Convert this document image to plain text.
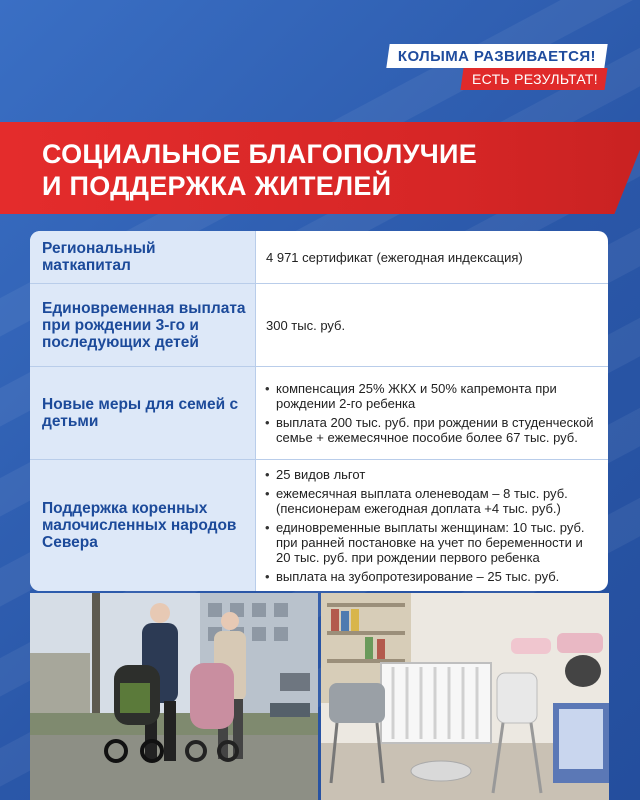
КОЛЫМА РАЗВИВАЕТСЯ!
ЕСТЬ РЕЗУЛЬТАТ!
СОЦИАЛЬНОЕ БЛАГОПОЛУЧИЕ
И ПОДДЕРЖКА ЖИТЕЛЕЙ
Региональный маткапитал	4 971 сертификат (ежегодная индексация)
Единовременная выплата при рождении 3-го и последующих детей
300 тыс. руб.
Новые меры для семей с детьми
• компенсация 25% ЖКХ и 50% капремонта при рождении 2-го ребенка
• выплата 200 тыс. руб. при рождении в студенческой семье + ежемесячное пособие более 67 тыс. руб.
Поддержка коренных малочисленных народов Севера
• 25 видов льгот
• ежемесячная выплата оленеводам – 8 тыс. руб. (пенсионерам ежегодная доплата +4 тыс. руб.)
• единовременные выплаты женщинам: 10 тыс. руб. при ранней постановке на учет по беременности и 20 тыс. руб. при рождении первого ребенка
• выплата на зубопротезирование – 25 тыс. руб.
